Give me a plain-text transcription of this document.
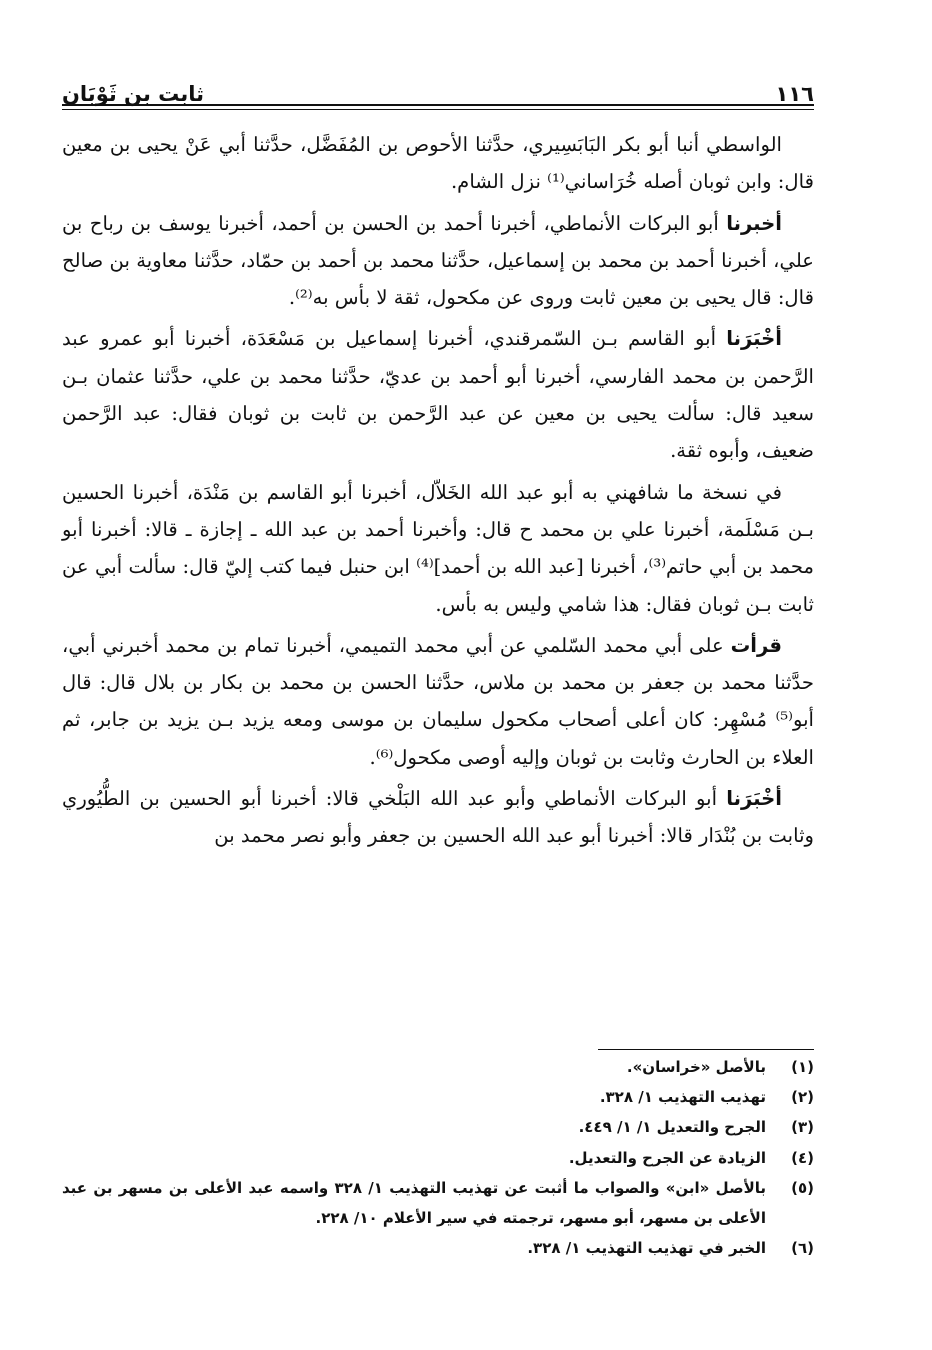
١١٦
ثابت بن ثَوْبَان

الواسطي أنبا أبو بكر البَابَسِيري، حدَّثنا الأحوص بن المُفَضَّل، حدَّثنا أبي عَنْ يحيى بن معين قال: وابن ثوبان أصله خُرَاساني⁽¹⁾ نزل الشام.

أخبرنا أبو البركات الأنماطي، أخبرنا أحمد بن الحسن بن أحمد، أخبرنا يوسف بن رباح بن علي، أخبرنا أحمد بن محمد بن إسماعيل، حدَّثنا محمد بن أحمد بن حمّاد، حدَّثنا معاوية بن صالح قال: قال يحيى بن معين ثابت وروى عن مكحول، ثقة لا بأس به⁽²⁾.

أخْبَرَنا أبو القاسم بـن السّمرقندي، أخبرنا إسماعيل بن مَسْعَدَة، أخبرنا أبو عمرو عبد الرَّحمن بن محمد الفارسي، أخبرنا أبو أحمد بن عديّ، حدَّثنا محمد بن علي، حدَّثنا عثمان بـن سعيد قال: سألت يحيى بن معين عن عبد الرَّحمن بن ثابت بن ثوبان فقال: عبد الرَّحمن ضعيف، وأبوه ثقة.

في نسخة ما شافهني به أبو عبد الله الخَلاّل، أخبرنا أبو القاسم بن مَنْدَة، أخبرنا الحسين بـن مَسْلَمة، أخبرنا علي بن محمد ح قال: وأخبرنا أحمد بن عبد الله ـ إجازة ـ قالا: أخبرنا أبو محمد بن أبي حاتم⁽³⁾، أخبرنا [عبد الله بن أحمد]⁽⁴⁾ ابن حنبل فيما كتب إليّ قال: سألت أبي عن ثابت بـن ثوبان فقال: هذا شامي وليس به بأس.

قرأت على أبي محمد السّلمي عن أبي محمد التميمي، أخبرنا تمام بن محمد أخبرني أبي، حدَّثنا محمد بن جعفر بن محمد بن ملاس، حدَّثنا الحسن بن محمد بن بكار بن بلال قال: قال أبو⁽⁵⁾ مُسْهِر: كان أعلى أصحاب مكحول سليمان بن موسى ومعه يزيد بـن يزيد بن جابر، ثم العلاء بن الحارث وثابت بن ثوبان وإليه أوصى مكحول⁽⁶⁾.

أخْبَرَنا أبو البركات الأنماطي وأبو عبد الله البَلْخي قالا: أخبرنا أبو الحسين بن الطُّيُوري وثابت بن بُنْدَار قالا: أخبرنا أبو عبد الله الحسين بن جعفر وأبو نصر محمد بن

(١)
بالأصل «خراسان».
(٢)
تهذيب التهذيب ١/ ٣٢٨.
(٣)
الجرح والتعديل ١/ ١/ ٤٤٩.
(٤)
الزيادة عن الجرح والتعديل.
(٥)
بالأصل «ابن» والصواب ما أثبت عن تهذيب التهذيب ١/ ٣٢٨ واسمه عبد الأعلى بن مسهر بن عبد الأعلى بن مسهر، أبو مسهر، ترجمته في سير الأعلام ١٠/ ٢٢٨.
(٦)
الخبر في تهذيب التهذيب ١/ ٣٢٨.
